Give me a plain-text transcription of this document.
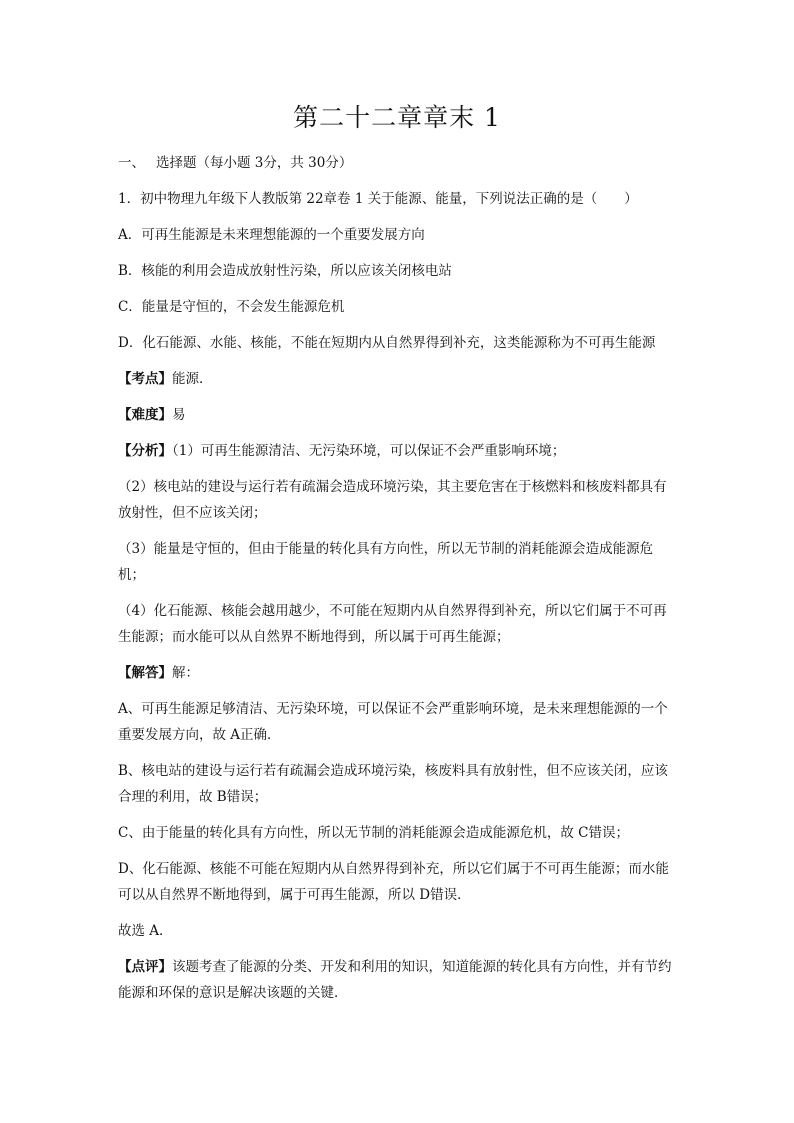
第二十二章章末 1

一、 选择题（每小题 3分，共 30分）

1．初中物理九年级下人教版第 22章卷 1 关于能源、能量，下列说法正确的是（　　）

A．可再生能源是未来理想能源的一个重要发展方向

B．核能的利用会造成放射性污染，所以应该关闭核电站

C．能量是守恒的，不会发生能源危机

D．化石能源、水能、核能，不能在短期内从自然界得到补充，这类能源称为不可再生能源

【考点】能源．

【难度】易

【分析】（1）可再生能源清洁、无污染环境，可以保证不会严重影响环境；

（2）核电站的建设与运行若有疏漏会造成环境污染，其主要危害在于核燃料和核废料都具有放射性，但不应该关闭；

（3）能量是守恒的，但由于能量的转化具有方向性，所以无节制的消耗能源会造成能源危机；

（4）化石能源、核能会越用越少，不可能在短期内从自然界得到补充，所以它们属于不可再生能源；而水能可以从自然界不断地得到，所以属于可再生能源；

【解答】解：

A、可再生能源足够清洁、无污染环境，可以保证不会严重影响环境，是未来理想能源的一个重要发展方向，故 A正确．

B、核电站的建设与运行若有疏漏会造成环境污染，核废料具有放射性，但不应该关闭，应该合理的利用，故 B错误；

C、由于能量的转化具有方向性，所以无节制的消耗能源会造成能源危机，故 C错误；

D、化石能源、核能不可能在短期内从自然界得到补充，所以它们属于不可再生能源；而水能可以从自然界不断地得到，属于可再生能源，所以 D错误．

故选 A．

【点评】该题考查了能源的分类、开发和利用的知识，知道能源的转化具有方向性，并有节约能源和环保的意识是解决该题的关键．
